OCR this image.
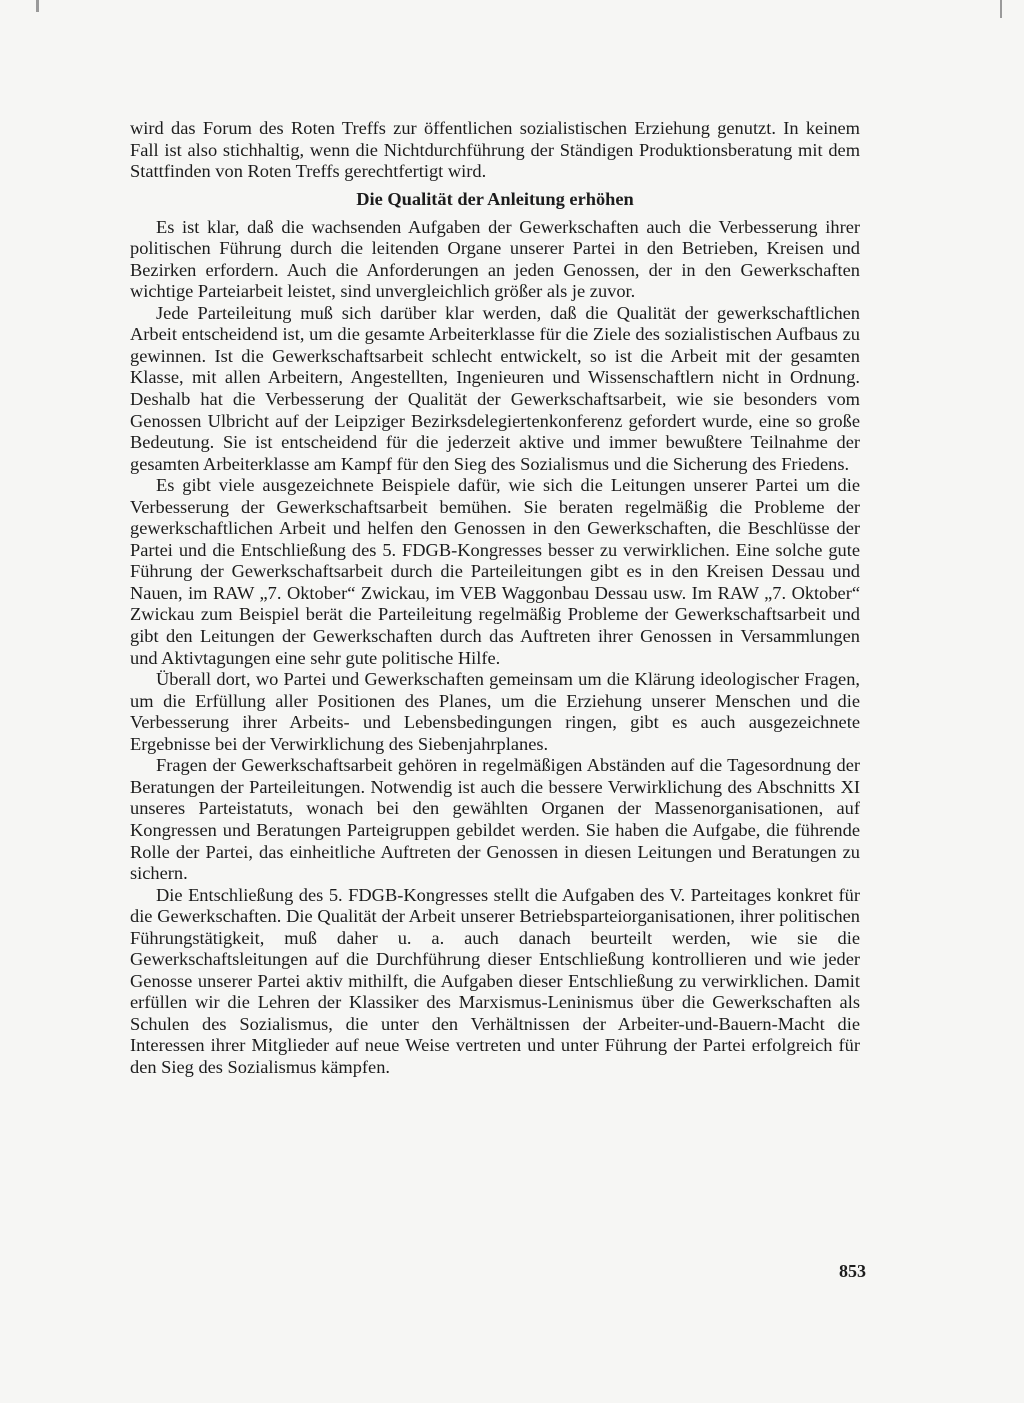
wird das Forum des Roten Treffs zur öffentlichen sozialistischen Erziehung genutzt. In keinem Fall ist also stichhaltig, wenn die Nichtdurchführung der Ständigen Produktionsberatung mit dem Stattfinden von Roten Treffs gerechtfertigt wird.

Die Qualität der Anleitung erhöhen

Es ist klar, daß die wachsenden Aufgaben der Gewerkschaften auch die Verbesserung ihrer politischen Führung durch die leitenden Organe unserer Partei in den Betrieben, Kreisen und Bezirken erfordern. Auch die Anforderungen an jeden Genossen, der in den Gewerkschaften wichtige Parteiarbeit leistet, sind unvergleichlich größer als je zuvor.

Jede Parteileitung muß sich darüber klar werden, daß die Qualität der gewerkschaftlichen Arbeit entscheidend ist, um die gesamte Arbeiterklasse für die Ziele des sozialistischen Aufbaus zu gewinnen. Ist die Gewerkschaftsarbeit schlecht entwickelt, so ist die Arbeit mit der gesamten Klasse, mit allen Arbeitern, Angestellten, Ingenieuren und Wissenschaftlern nicht in Ordnung. Deshalb hat die Verbesserung der Qualität der Gewerkschaftsarbeit, wie sie besonders vom Genossen Ulbricht auf der Leipziger Bezirksdelegiertenkonferenz gefordert wurde, eine so große Bedeutung. Sie ist entscheidend für die jederzeit aktive und immer bewußtere Teilnahme der gesamten Arbeiterklasse am Kampf für den Sieg des Sozialismus und die Sicherung des Friedens.

Es gibt viele ausgezeichnete Beispiele dafür, wie sich die Leitungen unserer Partei um die Verbesserung der Gewerkschaftsarbeit bemühen. Sie beraten regelmäßig die Probleme der gewerkschaftlichen Arbeit und helfen den Genossen in den Gewerkschaften, die Beschlüsse der Partei und die Entschließung des 5. FDGB-Kongresses besser zu verwirklichen. Eine solche gute Führung der Gewerkschaftsarbeit durch die Parteileitungen gibt es in den Kreisen Dessau und Nauen, im RAW „7. Oktober“ Zwickau, im VEB Waggonbau Dessau usw. Im RAW „7. Oktober“ Zwickau zum Beispiel berät die Parteileitung regelmäßig Probleme der Gewerkschaftsarbeit und gibt den Leitungen der Gewerkschaften durch das Auftreten ihrer Genossen in Versammlungen und Aktivtagungen eine sehr gute politische Hilfe.

Überall dort, wo Partei und Gewerkschaften gemeinsam um die Klärung ideologischer Fragen, um die Erfüllung aller Positionen des Planes, um die Erziehung unserer Menschen und die Verbesserung ihrer Arbeits- und Lebensbedingungen ringen, gibt es auch ausgezeichnete Ergebnisse bei der Verwirklichung des Siebenjahrplanes.

Fragen der Gewerkschaftsarbeit gehören in regelmäßigen Abständen auf die Tagesordnung der Beratungen der Parteileitungen. Notwendig ist auch die bessere Verwirklichung des Abschnitts XI unseres Parteistatuts, wonach bei den gewählten Organen der Massenorganisationen, auf Kongressen und Beratungen Parteigruppen gebildet werden. Sie haben die Aufgabe, die führende Rolle der Partei, das einheitliche Auftreten der Genossen in diesen Leitungen und Beratungen zu sichern.

Die Entschließung des 5. FDGB-Kongresses stellt die Aufgaben des V. Parteitages konkret für die Gewerkschaften. Die Qualität der Arbeit unserer Betriebsparteiorganisationen, ihrer politischen Führungstätigkeit, muß daher u. a. auch danach beurteilt werden, wie sie die Gewerkschaftsleitungen auf die Durchführung dieser Entschließung kontrollieren und wie jeder Genosse unserer Partei aktiv mithilft, die Aufgaben dieser Entschließung zu verwirklichen. Damit erfüllen wir die Lehren der Klassiker des Marxismus-Leninismus über die Gewerkschaften als Schulen des Sozialismus, die unter den Verhältnissen der Arbeiter-und-Bauern-Macht die Interessen ihrer Mitglieder auf neue Weise vertreten und unter Führung der Partei erfolgreich für den Sieg des Sozialismus kämpfen.

853
